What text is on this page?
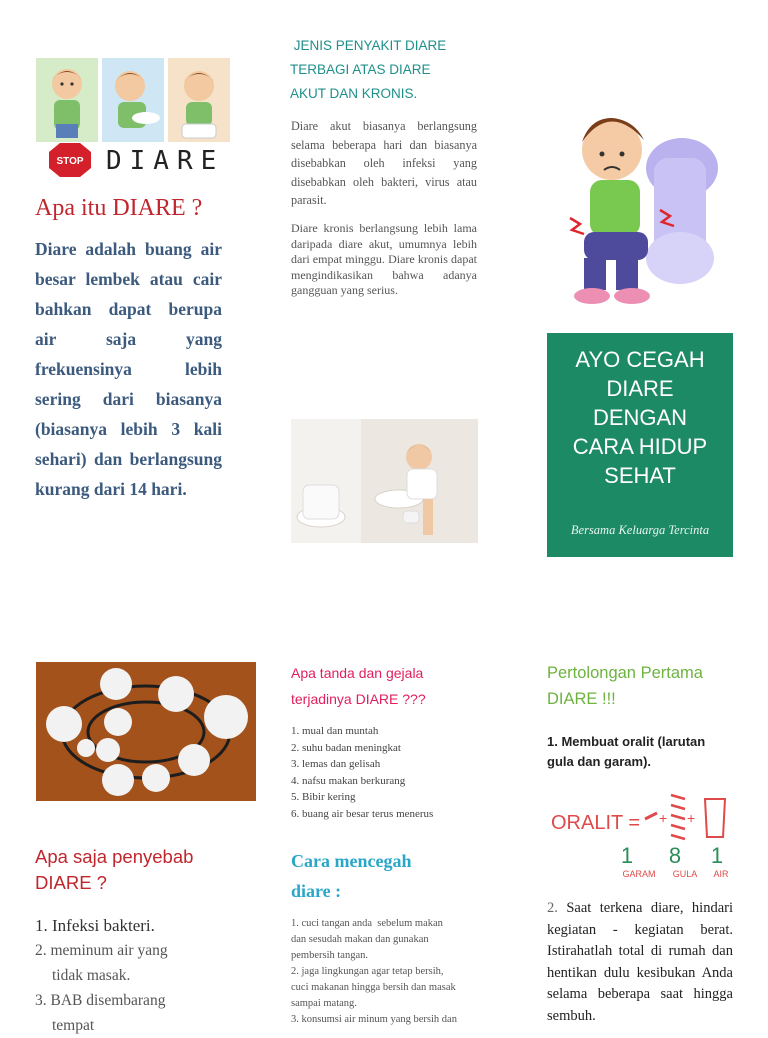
STOP DIARE
Apa itu DIARE ?
Diare adalah buang air besar lembek atau cair bahkan dapat berupa air saja yang frekuensinya lebih sering dari biasanya (biasanya lebih 3 kali sehari) dan berlangsung kurang dari 14 hari.
JENIS PENYAKIT DIARE
TERBAGI ATAS DIARE
AKUT DAN KRONIS.
Diare akut biasanya berlangsung selama beberapa hari dan biasanya disebabkan oleh infeksi yang disebabkan oleh bakteri, virus atau parasit.
Diare kronis berlangsung lebih lama daripada diare akut, umumnya lebih dari empat minggu. Diare kronis dapat mengindikasikan bahwa adanya gangguan yang serius.
AYO CEGAH DIARE DENGAN CARA HIDUP SEHAT
Bersama Keluarga Tercinta
Apa saja penyebab
DIARE ?
1. Infeksi bakteri.
2. meminum air yang
tidak masak.
3. BAB disembarang
tempat
Apa tanda dan gejala
terjadinya DIARE ???
1. mual dan muntah
2. suhu badan meningkat
3. lemas dan gelisah
4. nafsu makan berkurang
5. Bibir kering
6. buang air besar terus menerus
Cara mencegah
diare :
1. cuci tangan anda  sebelum makan
dan sesudah makan dan gunakan
pembersih tangan.
2. jaga lingkungan agar tetap bersih,
cuci makanan hingga bersih dan masak
sampai matang.
3. konsumsi air minum yang bersih dan
Pertolongan Pertama
DIARE !!!
1. Membuat oralit (larutan
gula dan garam).
ORALIT = + +
1 8 1
GARAM GULA AIR
2. Saat terkena diare, hindari kegiatan - kegiatan berat. Istirahatlah total di rumah dan hentikan dulu kesibukan Anda selama beberapa saat hingga sembuh.
